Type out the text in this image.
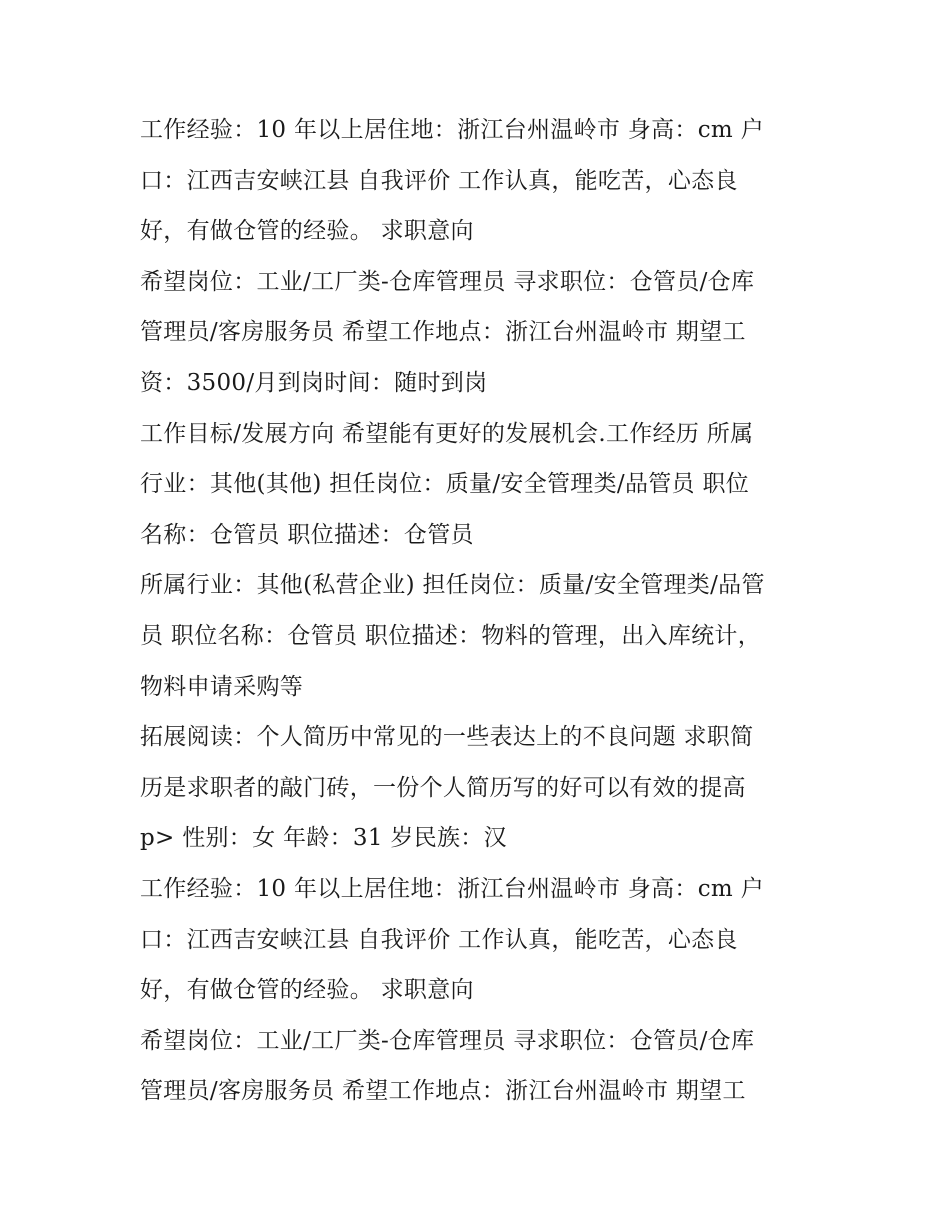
工作经验：10 年以上居住地：浙江台州温岭市 身高：cm 户
口：江西吉安峡江县 自我评价 工作认真，能吃苦，心态良
好，有做仓管的经验。 求职意向
希望岗位：工业/工厂类-仓库管理员 寻求职位：仓管员/仓库
管理员/客房服务员 希望工作地点：浙江台州温岭市 期望工
资：3500/月到岗时间：随时到岗
工作目标/发展方向 希望能有更好的发展机会.工作经历 所属
行业：其他(其他) 担任岗位：质量/安全管理类/品管员 职位
名称：仓管员 职位描述：仓管员
所属行业：其他(私营企业) 担任岗位：质量/安全管理类/品管
员 职位名称：仓管员 职位描述：物料的管理，出入库统计，
物料申请采购等
拓展阅读：个人简历中常见的一些表达上的不良问题 求职简
历是求职者的敲门砖，一份个人简历写的好可以有效的提高
p> 性别：女 年龄：31 岁民族：汉
工作经验：10 年以上居住地：浙江台州温岭市 身高：cm 户
口：江西吉安峡江县 自我评价 工作认真，能吃苦，心态良
好，有做仓管的经验。 求职意向
希望岗位：工业/工厂类-仓库管理员 寻求职位：仓管员/仓库
管理员/客房服务员 希望工作地点：浙江台州温岭市 期望工
